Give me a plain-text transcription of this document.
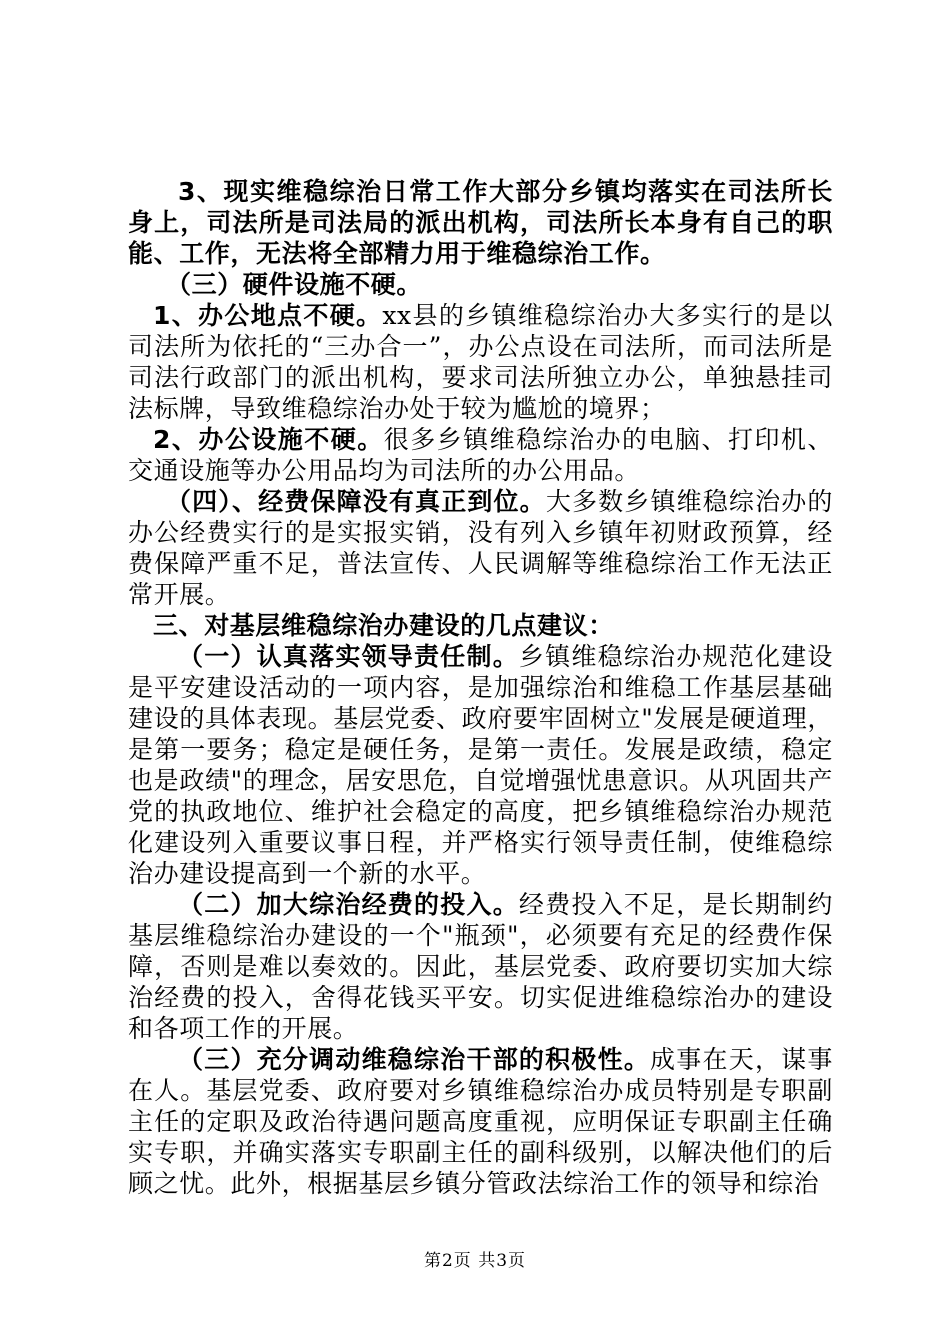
3、现实维稳综治日常工作大部分乡镇均落实在司法所长身上，司法所是司法局的派出机构，司法所长本身有自己的职能、工作，无法将全部精力用于维稳综治工作。

（三）硬件设施不硬。

1、办公地点不硬。xx县的乡镇维稳综治办大多实行的是以司法所为依托的“三办合一”，办公点设在司法所，而司法所是司法行政部门的派出机构，要求司法所独立办公，单独悬挂司法标牌，导致维稳综治办处于较为尴尬的境界；

2、办公设施不硬。很多乡镇维稳综治办的电脑、打印机、交通设施等办公用品均为司法所的办公用品。

（四）、经费保障没有真正到位。大多数乡镇维稳综治办的办公经费实行的是实报实销，没有列入乡镇年初财政预算，经费保障严重不足，普法宣传、人民调解等维稳综治工作无法正常开展。

三、对基层维稳综治办建设的几点建议：

（一）认真落实领导责任制。乡镇维稳综治办规范化建设是平安建设活动的一项内容，是加强综治和维稳工作基层基础建设的具体表现。基层党委、政府要牢固树立"发展是硬道理，是第一要务；稳定是硬任务，是第一责任。发展是政绩，稳定也是政绩"的理念，居安思危，自觉增强忧患意识。从巩固共产党的执政地位、维护社会稳定的高度，把乡镇维稳综治办规范化建设列入重要议事日程，并严格实行领导责任制，使维稳综治办建设提高到一个新的水平。

（二）加大综治经费的投入。经费投入不足，是长期制约基层维稳综治办建设的一个"瓶颈"，必须要有充足的经费作保障，否则是难以奏效的。因此，基层党委、政府要切实加大综治经费的投入，舍得花钱买平安。切实促进维稳综治办的建设和各项工作的开展。

（三）充分调动维稳综治干部的积极性。成事在天，谋事在人。基层党委、政府要对乡镇维稳综治办成员特别是专职副主任的定职及政治待遇问题高度重视，应明保证专职副主任确实专职，并确实落实专职副主任的副科级别，以解决他们的后顾之忧。此外，根据基层乡镇分管政法综治工作的领导和综治

第2页 共3页
